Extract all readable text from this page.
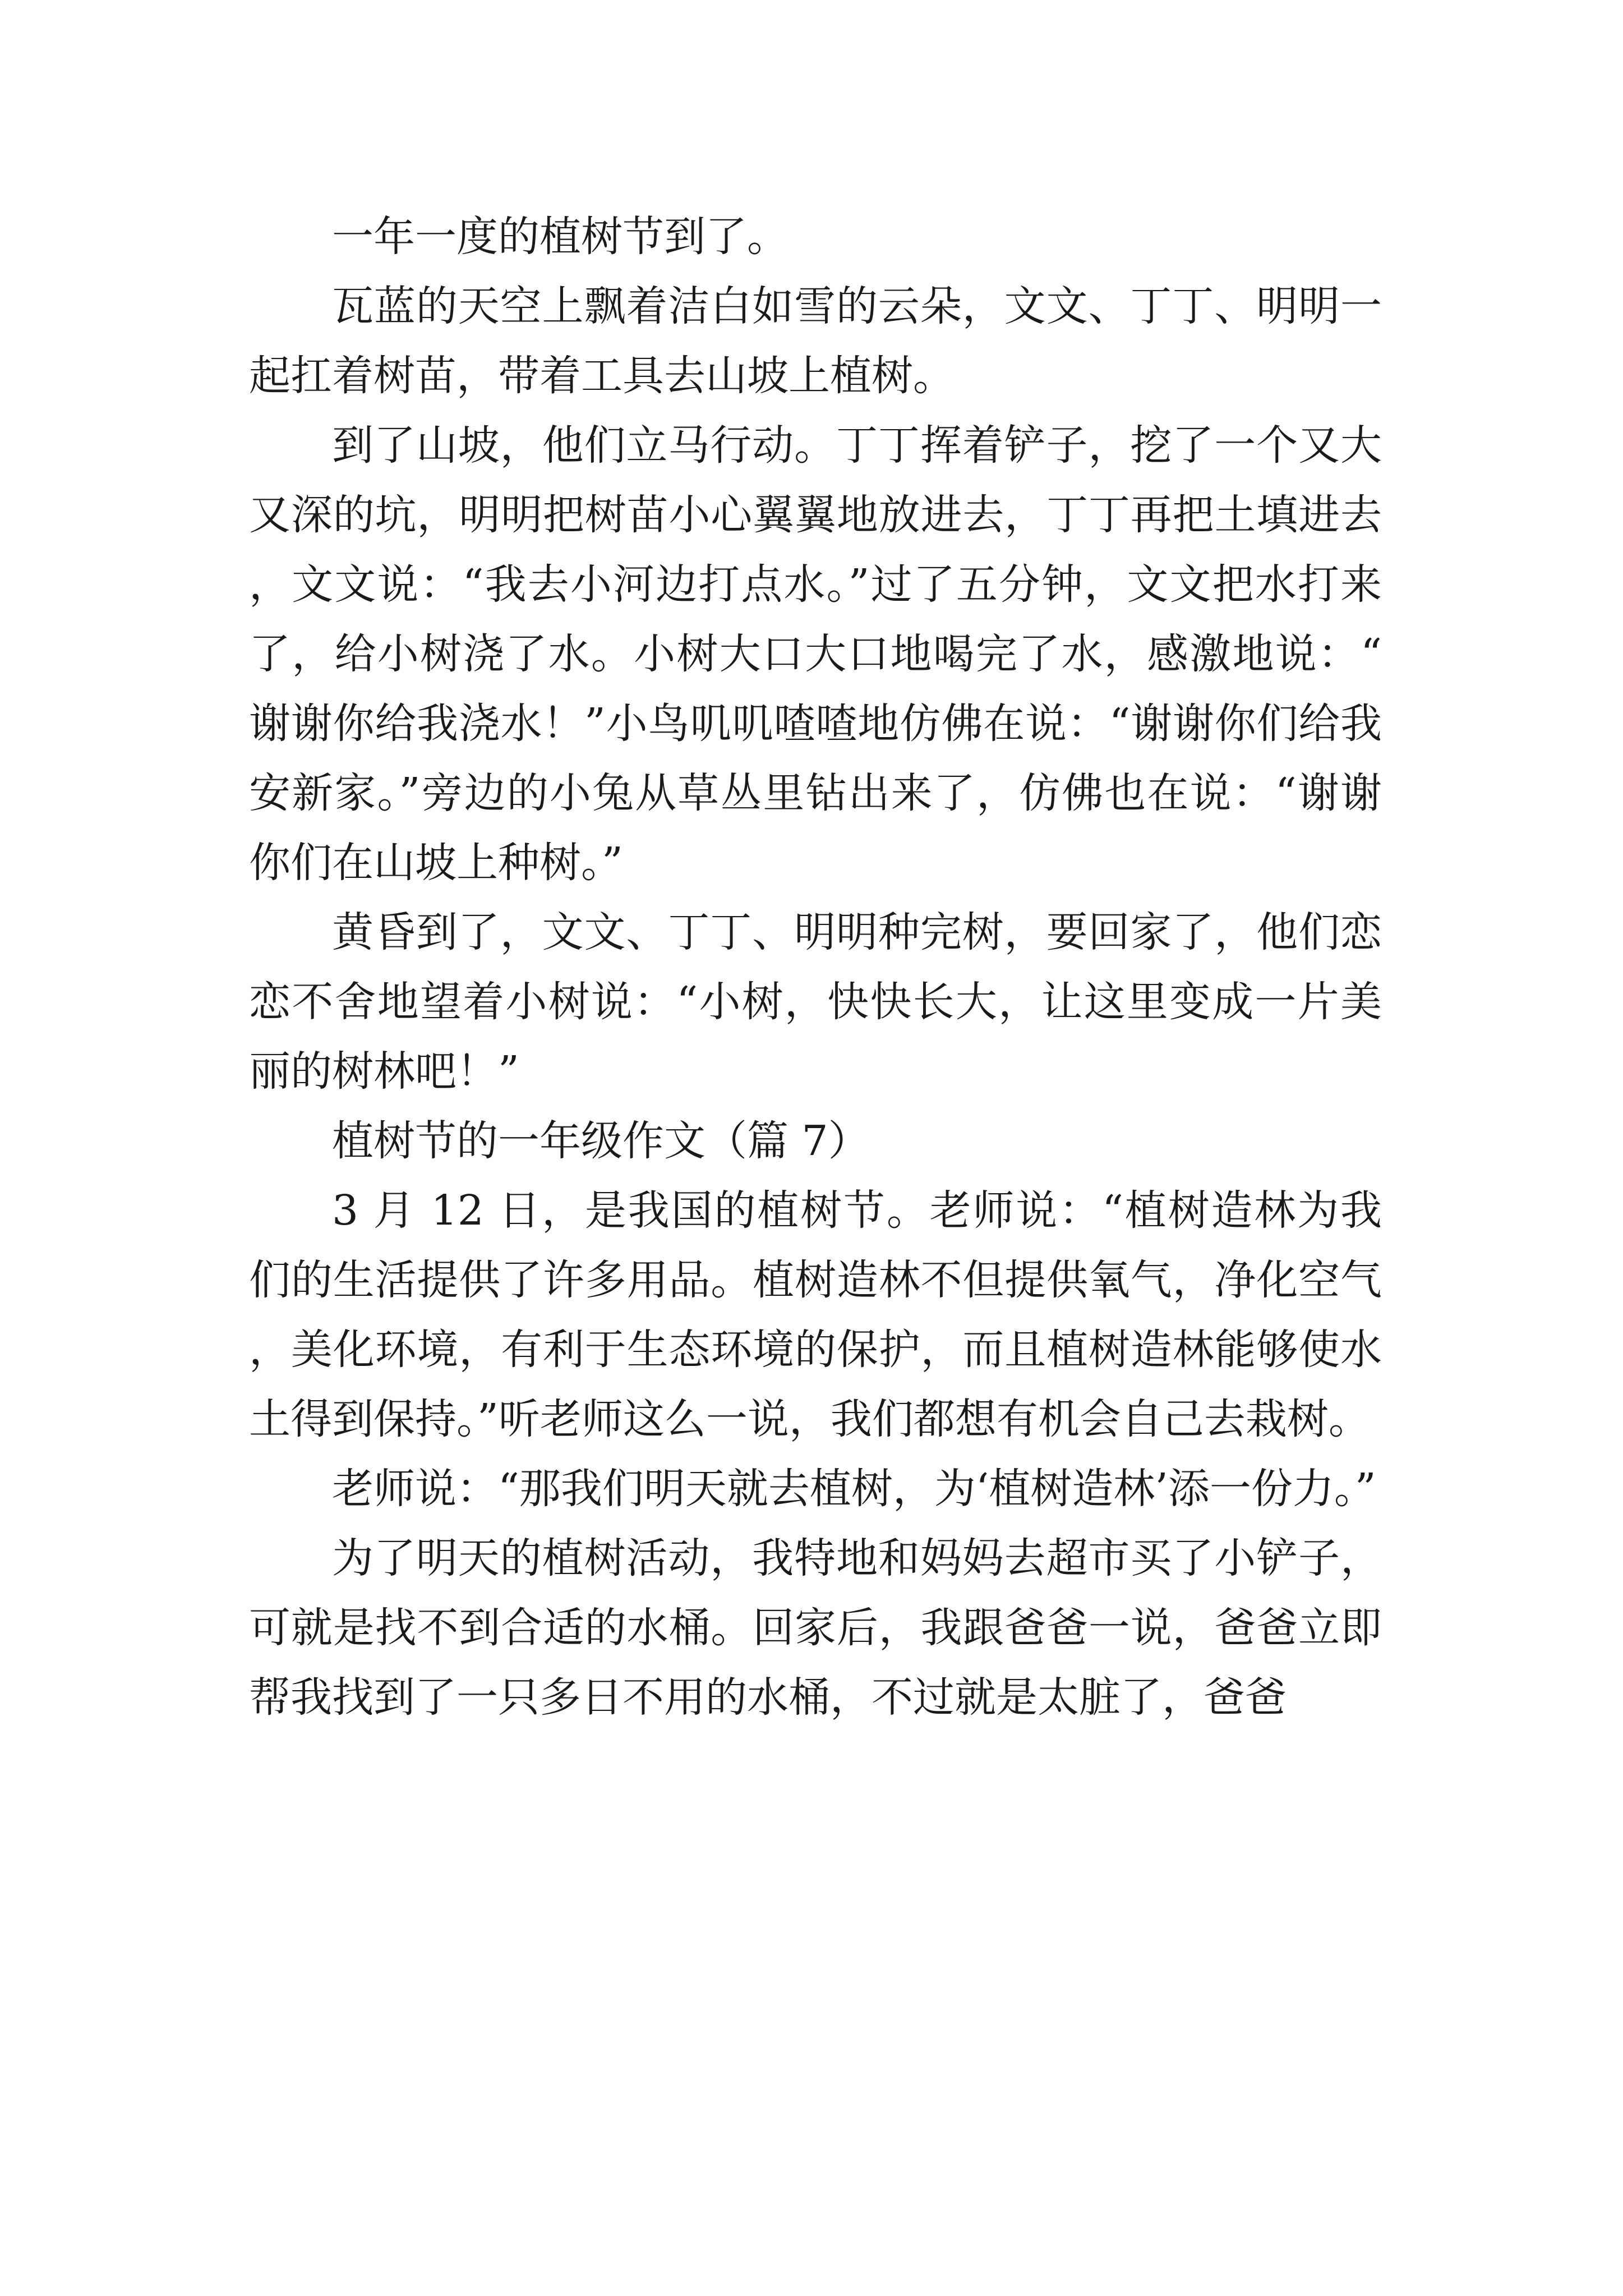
一年一度的植树节到了。

瓦蓝的天空上飘着洁白如雪的云朵，文文、丁丁、明明一起扛着树苗，带着工具去山坡上植树。

到了山坡，他们立马行动。丁丁挥着铲子，挖了一个又大又深的坑，明明把树苗小心翼翼地放进去，丁丁再把土填进去，文文说：“我去小河边打点水。”过了五分钟，文文把水打来了，给小树浇了水。小树大口大口地喝完了水，感激地说：“谢谢你给我浇水！”小鸟叽叽喳喳地仿佛在说：“谢谢你们给我安新家。”旁边的小兔从草丛里钻出来了，仿佛也在说：“谢谢你们在山坡上种树。”

黄昏到了，文文、丁丁、明明种完树，要回家了，他们恋恋不舍地望着小树说：“小树，快快长大，让这里变成一片美丽的树林吧！”

植树节的一年级作文（篇 7）

3 月 12 日，是我国的植树节。老师说：“植树造林为我们的生活提供了许多用品。植树造林不但提供氧气，净化空气，美化环境，有利于生态环境的保护，而且植树造林能够使水土得到保持。”听老师这么一说，我们都想有机会自己去栽树。

老师说：“那我们明天就去植树，为‘植树造林’添一份力。”

为了明天的植树活动，我特地和妈妈去超市买了小铲子，可就是找不到合适的水桶。回家后，我跟爸爸一说，爸爸立即帮我找到了一只多日不用的水桶，不过就是太脏了，爸爸
